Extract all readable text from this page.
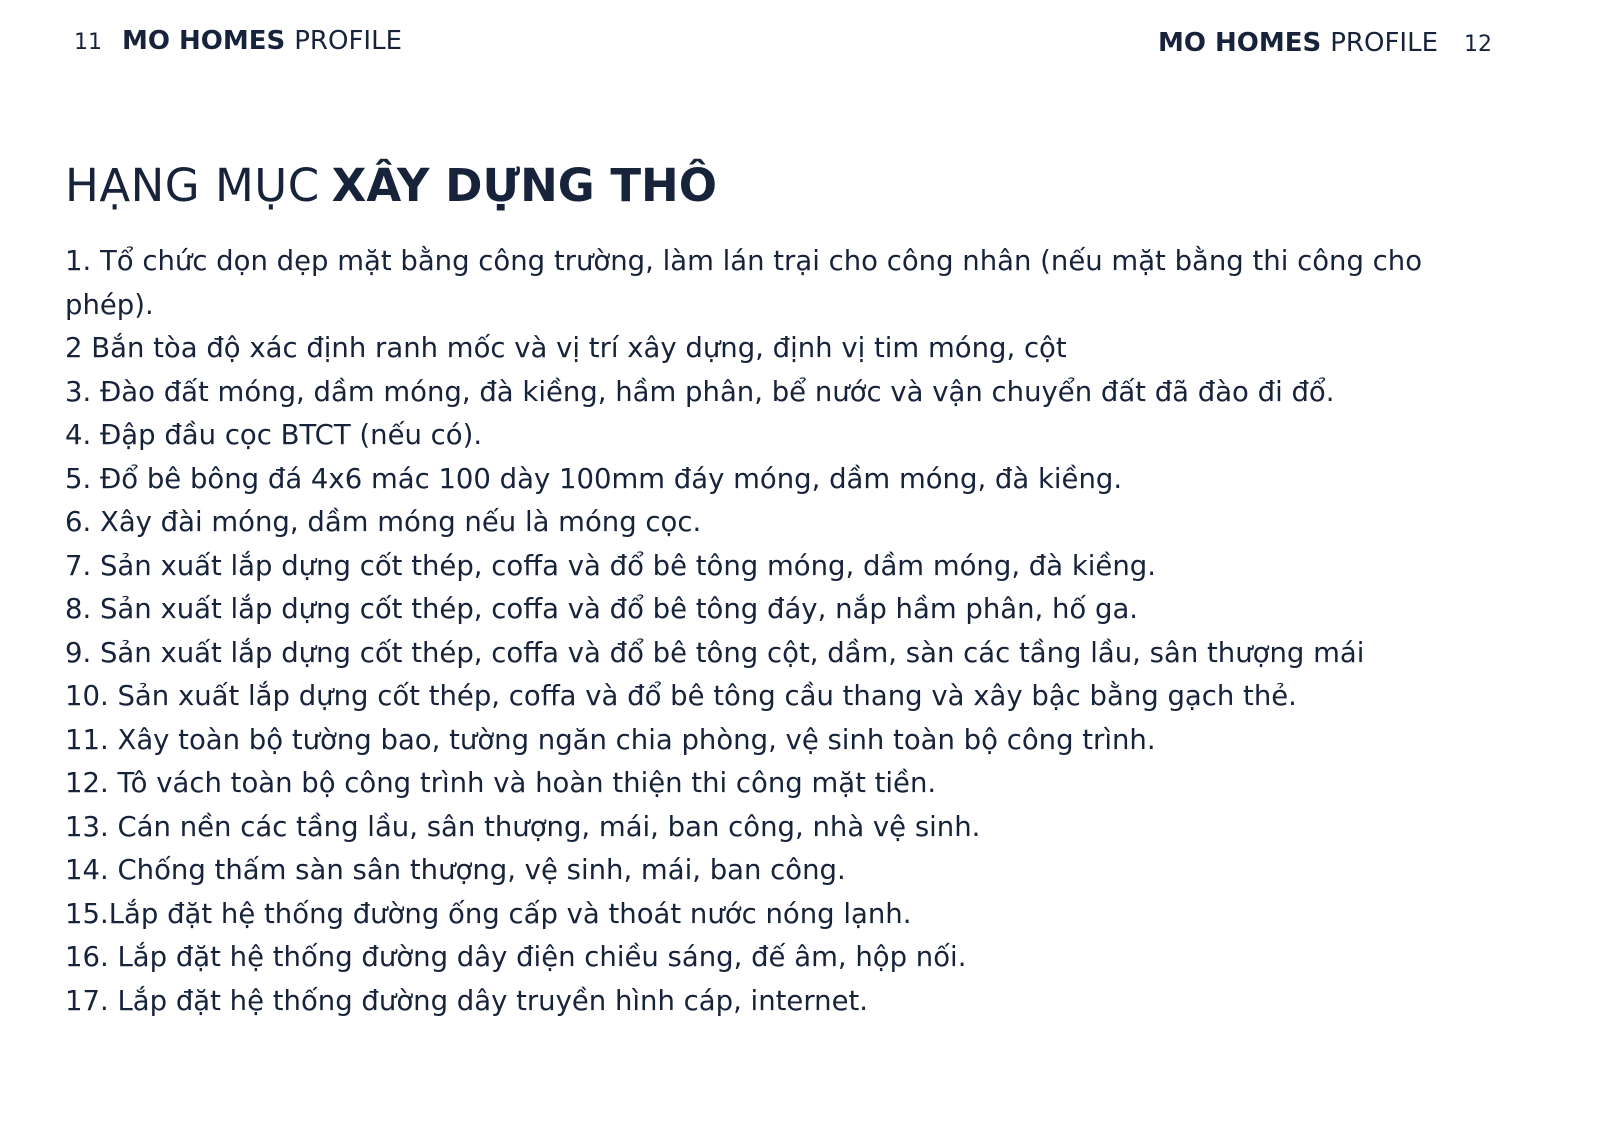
11 MO HOMES PROFILE	MO HOMES PROFILE 12
HẠNG MỤC XÂY DỰNG THÔ
1. Tổ chức dọn dẹp mặt bằng công trường, làm lán trại cho công nhân (nếu mặt bằng thi công cho phép).
2 Bắn tòa độ xác định ranh mốc và vị trí xây dựng, định vị tim móng, cột
3. Đào đất móng, dầm móng, đà kiềng, hầm phân, bể nước và vận chuyển đất đã đào đi đổ.
4. Đập đầu cọc BTCT (nếu có).
5. Đổ bê bông đá 4x6 mác 100 dày 100mm đáy móng, dầm móng, đà kiềng.
6. Xây đài móng, dầm móng nếu là móng cọc.
7. Sản xuất lắp dựng cốt thép, coffa và đổ bê tông móng, dầm móng, đà kiềng.
8. Sản xuất lắp dựng cốt thép, coffa và đổ bê tông đáy, nắp hầm phân, hố ga.
9. Sản xuất lắp dựng cốt thép, coffa và đổ bê tông cột, dầm, sàn các tầng lầu, sân thượng mái
10. Sản xuất lắp dựng cốt thép, coffa và đổ bê tông cầu thang và xây bậc bằng gạch thẻ.
11. Xây toàn bộ tường bao, tường ngăn chia phòng, vệ sinh toàn bộ công trình.
12. Tô vách toàn bộ công trình và hoàn thiện thi công mặt tiền.
13. Cán nền các tầng lầu, sân thượng, mái, ban công, nhà vệ sinh.
14. Chống thấm sàn sân thượng, vệ sinh, mái, ban công.
15.Lắp đặt hệ thống đường ống cấp và thoát nước nóng lạnh.
16. Lắp đặt hệ thống đường dây điện chiều sáng, đế âm, hộp nối.
17. Lắp đặt hệ thống đường dây truyền hình cáp, internet.
